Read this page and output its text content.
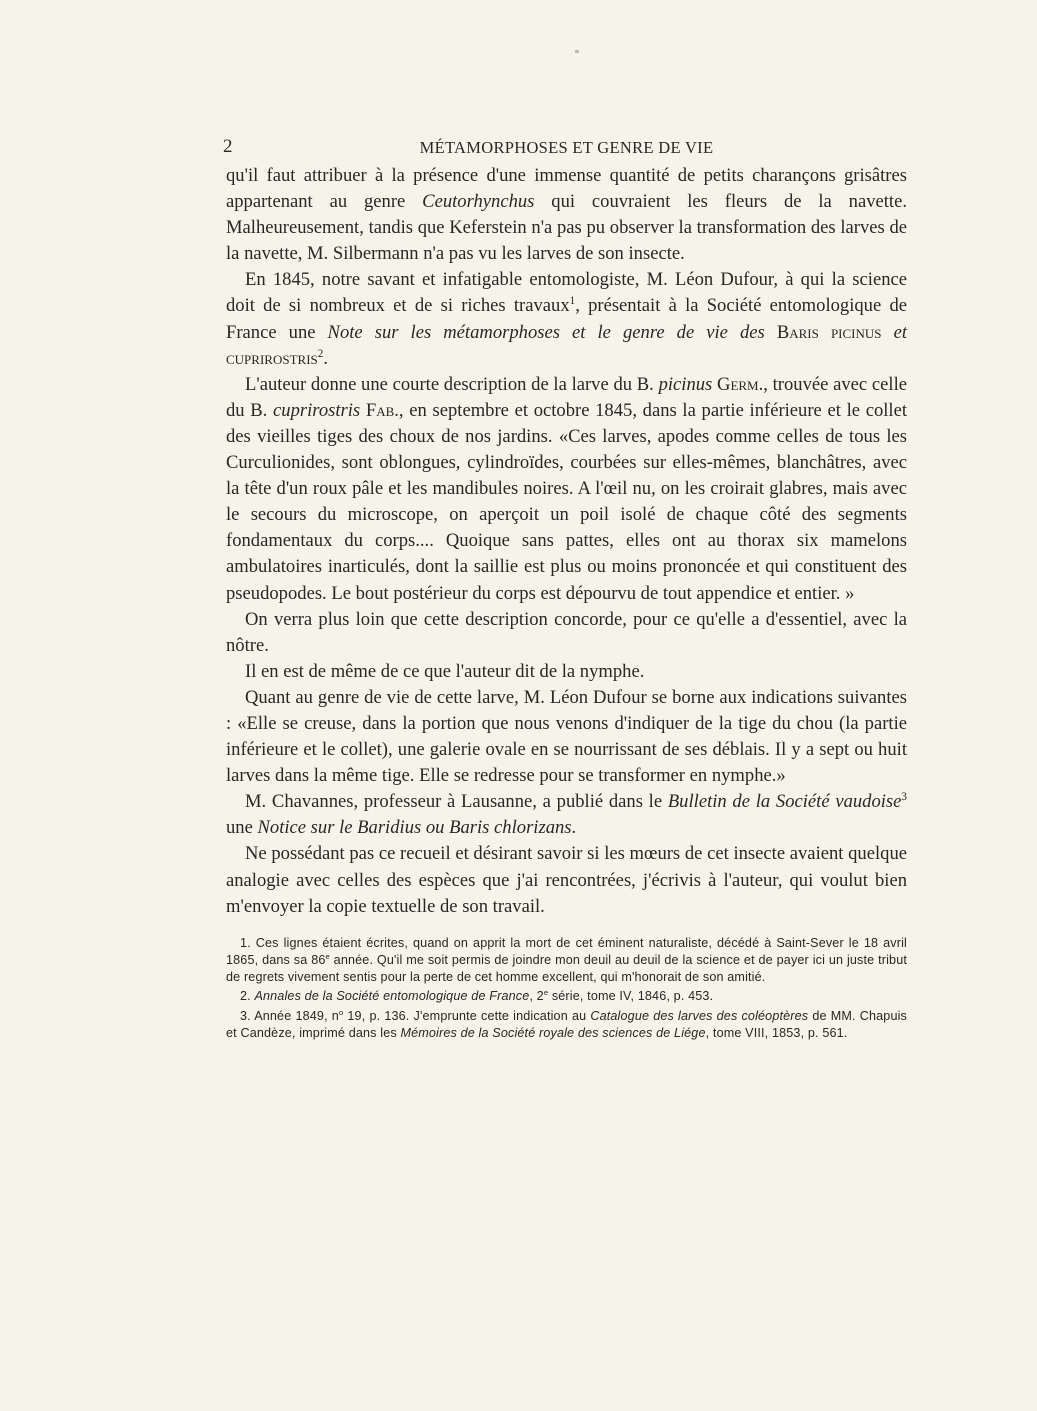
2	MÉTAMORPHOSES ET GENRE DE VIE

qu'il faut attribuer à la présence d'une immense quantité de petits charançons grisâtres appartenant au genre Ceutorhynchus qui couvraient les fleurs de la navette. Malheureusement, tandis que Keferstein n'a pas pu observer la transformation des larves de la navette, M. Silbermann n'a pas vu les larves de son insecte.

En 1845, notre savant et infatigable entomologiste, M. Léon Dufour, à qui la science doit de si nombreux et de si riches travaux$^1$, présentait à la Société entomologique de France une Note sur les métamorphoses et le genre de vie des Baris picinus et cuprirostris$^2$.

L'auteur donne une courte description de la larve du B. picinus Germ., trouvée avec celle du B. cuprirostris Fab., en septembre et octobre 1845, dans la partie inférieure et le collet des vieilles tiges des choux de nos jardins. «Ces larves, apodes comme celles de tous les Curculionides, sont oblongues, cylindroïdes, courbées sur elles-mêmes, blanchâtres, avec la tête d'un roux pâle et les mandibules noires. A l'œil nu, on les croirait glabres, mais avec le secours du microscope, on aperçoit un poil isolé de chaque côté des segments fondamentaux du corps.... Quoique sans pattes, elles ont au thorax six mamelons ambulatoires inarticulés, dont la saillie est plus ou moins prononcée et qui constituent des pseudopodes. Le bout postérieur du corps est dépourvu de tout appendice et entier. »

On verra plus loin que cette description concorde, pour ce qu'elle a d'essentiel, avec la nôtre.

Il en est de même de ce que l'auteur dit de la nymphe.

Quant au genre de vie de cette larve, M. Léon Dufour se borne aux indications suivantes : «Elle se creuse, dans la portion que nous venons d'indiquer de la tige du chou (la partie inférieure et le collet), une galerie ovale en se nourrissant de ses déblais. Il y a sept ou huit larves dans la même tige. Elle se redresse pour se transformer en nymphe.»

M. Chavannes, professeur à Lausanne, a publié dans le Bulletin de la Société vaudoise$^3$ une Notice sur le Baridius ou Baris chlorizans.

Ne possédant pas ce recueil et désirant savoir si les mœurs de cet insecte avaient quelque analogie avec celles des espèces que j'ai rencontrées, j'écrivis à l'auteur, qui voulut bien m'envoyer la copie textuelle de son travail.

1. Ces lignes étaient écrites, quand on apprit la mort de cet éminent naturaliste, décédé à Saint-Sever le 18 avril 1865, dans sa 86e année. Qu'il me soit permis de joindre mon deuil au deuil de la science et de payer ici un juste tribut de regrets vivement sentis pour la perte de cet homme excellent, qui m'honorait de son amitié.

2. Annales de la Société entomologique de France, 2e série, tome IV, 1846, p. 453.

3. Année 1849, $n^o$ 19, p. 136. J'emprunte cette indication au Catalogue des larves des coléoptères de MM. Chapuis et Candèze, imprimé dans les Mémoires de la Société royale des sciences de Liége, tome VIII, 1853, p. 561.
